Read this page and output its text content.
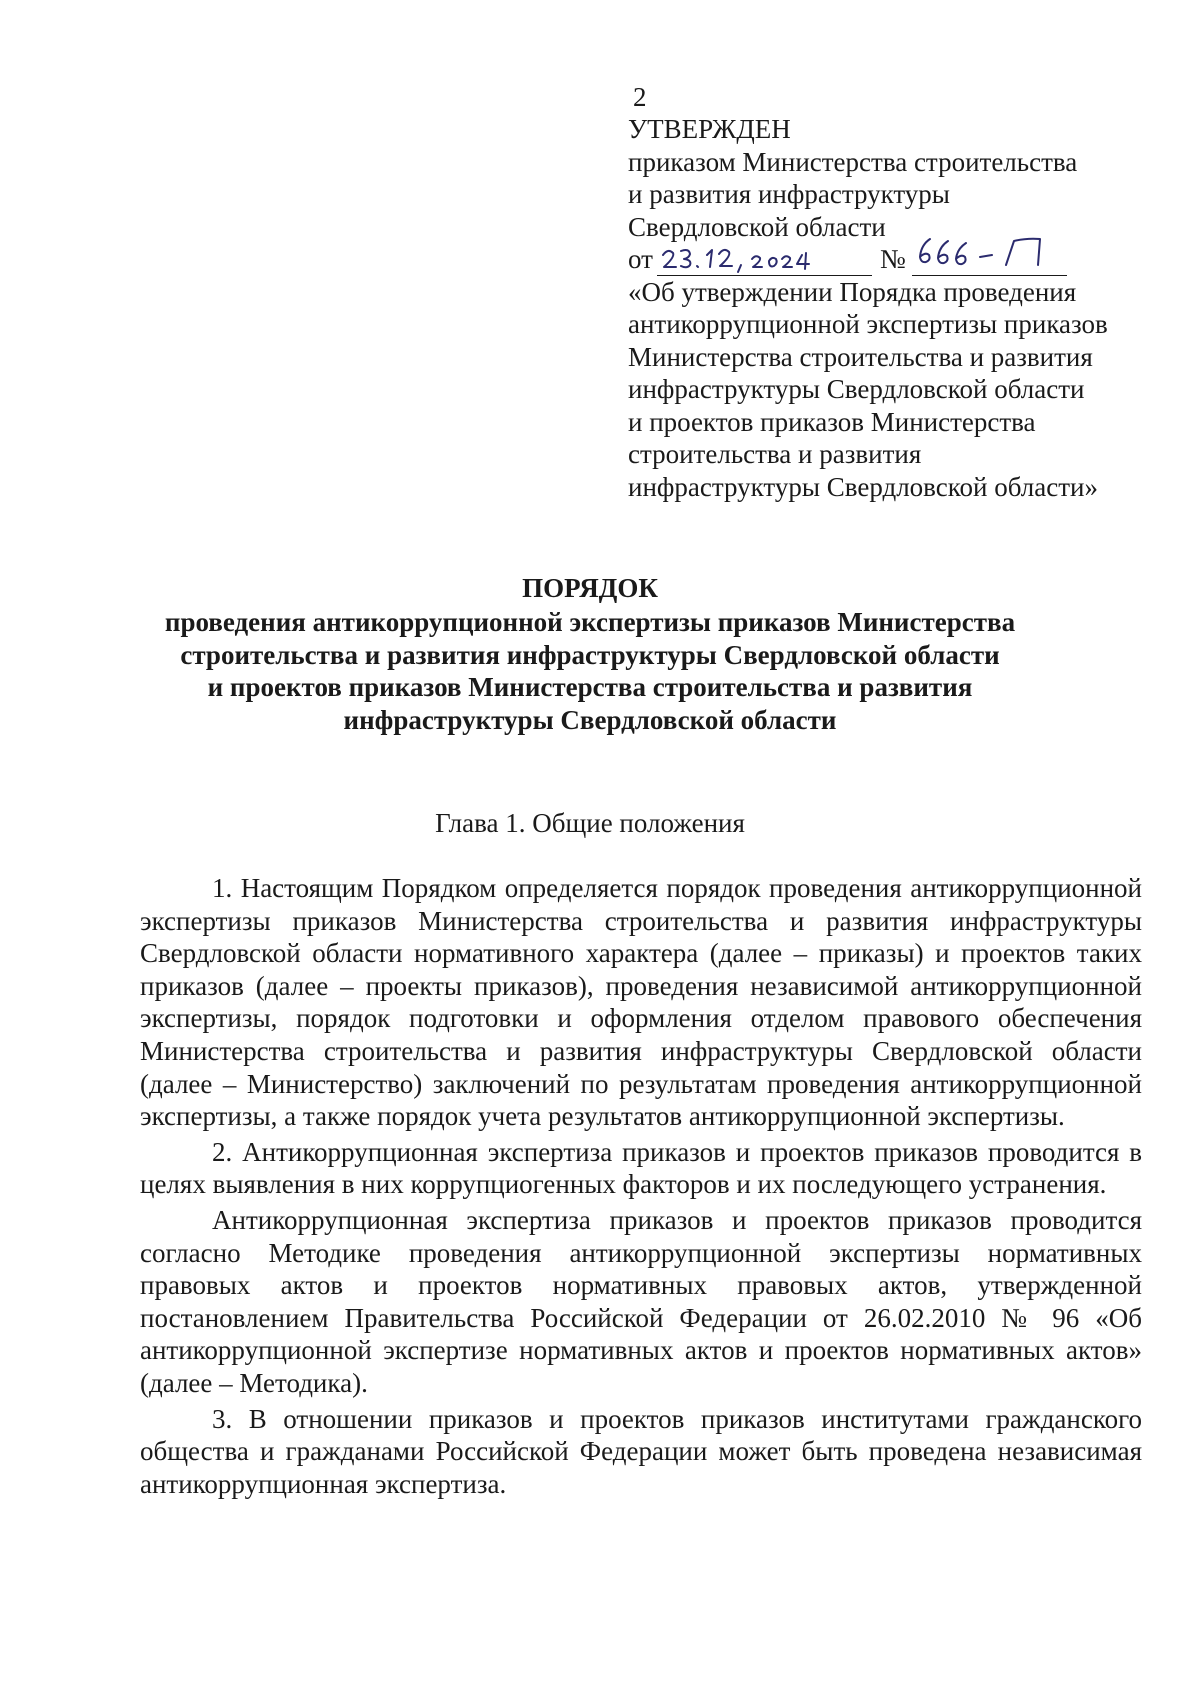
2
УТВЕРЖДЕН
приказом Министерства строительства
и развития инфраструктуры
Свердловской области
от	№
«Об утверждении Порядка проведения
антикоррупционной экспертизы приказов
Министерства строительства и развития
инфраструктуры Свердловской области
и проектов приказов Министерства
строительства и развития
инфраструктуры Свердловской области»
ПОРЯДОК
проведения антикоррупционной экспертизы приказов Министерства
строительства и развития инфраструктуры Свердловской области
и проектов приказов Министерства строительства и развития
инфраструктуры Свердловской области
Глава 1. Общие положения

1. Настоящим Порядком определяется порядок проведения антикоррупционной экспертизы приказов Министерства строительства и развития инфраструктуры Свердловской области нормативного характера (далее – приказы) и проектов таких приказов (далее – проекты приказов), проведения независимой антикоррупционной экспертизы, порядок подготовки и оформления отделом правового обеспечения Министерства строительства и развития инфраструктуры Свердловской области (далее – Министерство) заключений по результатам проведения антикоррупционной экспертизы, а также порядок учета результатов антикоррупционной экспертизы.

2. Антикоррупционная экспертиза приказов и проектов приказов проводится в целях выявления в них коррупциогенных факторов и их последующего устранения.

Антикоррупционная экспертиза приказов и проектов приказов проводится согласно Методике проведения антикоррупционной экспертизы нормативных правовых актов и проектов нормативных правовых актов, утвержденной постановлением Правительства Российской Федерации от 26.02.2010 № 96 «Об антикоррупционной экспертизе нормативных актов и проектов нормативных актов» (далее – Методика).

3. В отношении приказов и проектов приказов институтами гражданского общества и гражданами Российской Федерации может быть проведена независимая антикоррупционная экспертиза.
